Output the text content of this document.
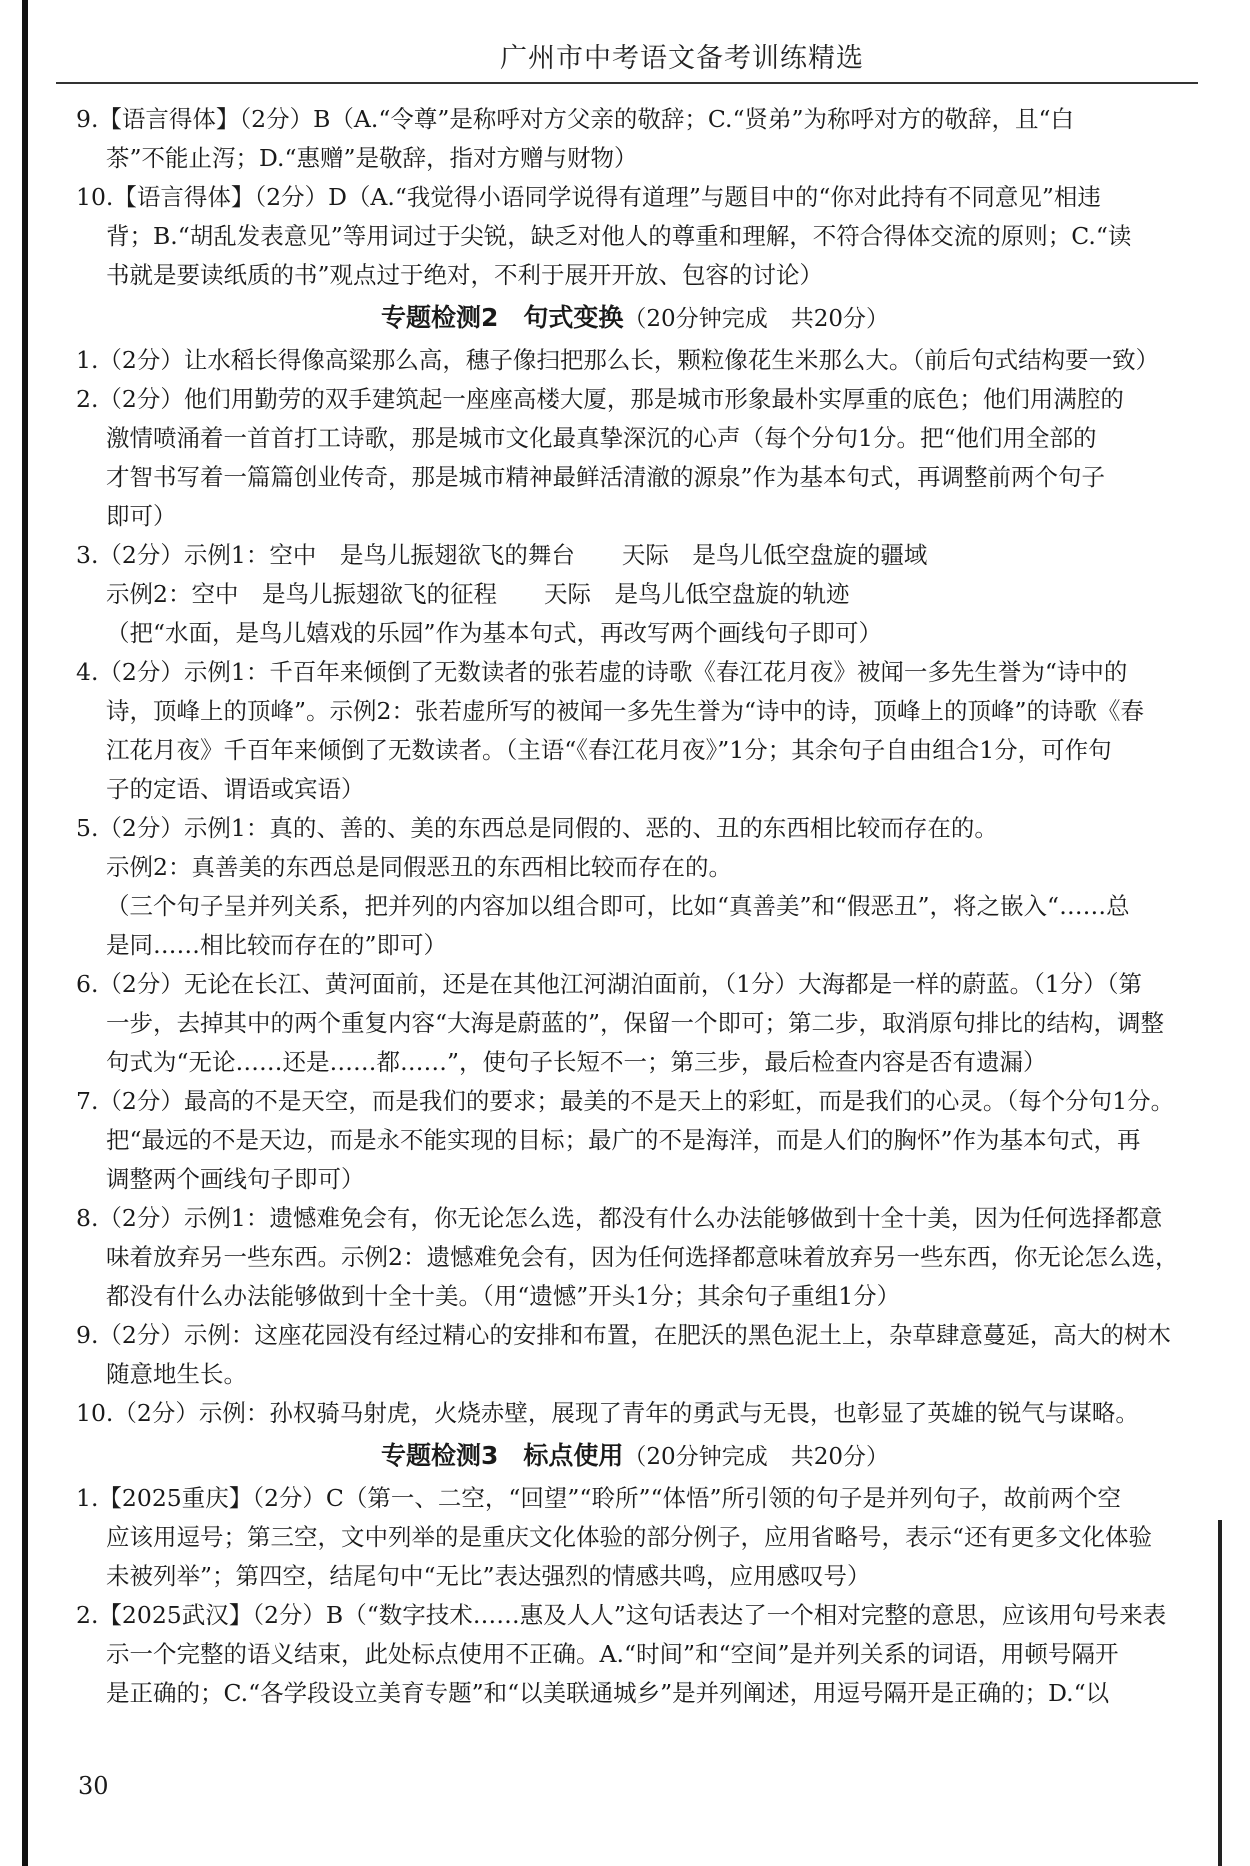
广州市中考语文备考训练精选
9.【语言得体】（2分）B（A.“令尊”是称呼对方父亲的敬辞；C.“贤弟”为称呼对方的敬辞，且“白
茶”不能止泻；D.“惠赠”是敬辞，指对方赠与财物）
10.【语言得体】（2分）D（A.“我觉得小语同学说得有道理”与题目中的“你对此持有不同意见”相违
背；B.“胡乱发表意见”等用词过于尖锐，缺乏对他人的尊重和理解，不符合得体交流的原则；C.“读
书就是要读纸质的书”观点过于绝对，不利于展开开放、包容的讨论）
专题检测2　句式变换（20分钟完成　共20分）
1.（2分）让水稻长得像高粱那么高，穗子像扫把那么长，颗粒像花生米那么大。（前后句式结构要一致）
2.（2分）他们用勤劳的双手建筑起一座座高楼大厦，那是城市形象最朴实厚重的底色；他们用满腔的
激情喷涌着一首首打工诗歌，那是城市文化最真挚深沉的心声（每个分句1分。把“他们用全部的
才智书写着一篇篇创业传奇，那是城市精神最鲜活清澈的源泉”作为基本句式，再调整前两个句子
即可）
3.（2分）示例1：空中　是鸟儿振翅欲飞的舞台　　天际　是鸟儿低空盘旋的疆域
示例2：空中　是鸟儿振翅欲飞的征程　　天际　是鸟儿低空盘旋的轨迹
（把“水面，是鸟儿嬉戏的乐园”作为基本句式，再改写两个画线句子即可）
4.（2分）示例1：千百年来倾倒了无数读者的张若虚的诗歌《春江花月夜》被闻一多先生誉为“诗中的
诗，顶峰上的顶峰”。示例2：张若虚所写的被闻一多先生誉为“诗中的诗，顶峰上的顶峰”的诗歌《春
江花月夜》千百年来倾倒了无数读者。（主语“《春江花月夜》”1分；其余句子自由组合1分，可作句
子的定语、谓语或宾语）
5.（2分）示例1：真的、善的、美的东西总是同假的、恶的、丑的东西相比较而存在的。
示例2：真善美的东西总是同假恶丑的东西相比较而存在的。
（三个句子呈并列关系，把并列的内容加以组合即可，比如“真善美”和“假恶丑”，将之嵌入“……总
是同……相比较而存在的”即可）
6.（2分）无论在长江、黄河面前，还是在其他江河湖泊面前，（1分）大海都是一样的蔚蓝。（1分）（第
一步，去掉其中的两个重复内容“大海是蔚蓝的”，保留一个即可；第二步，取消原句排比的结构，调整
句式为“无论……还是……都……”，使句子长短不一；第三步，最后检查内容是否有遗漏）
7.（2分）最高的不是天空，而是我们的要求；最美的不是天上的彩虹，而是我们的心灵。（每个分句1分。
把“最远的不是天边，而是永不能实现的目标；最广的不是海洋，而是人们的胸怀”作为基本句式，再
调整两个画线句子即可）
8.（2分）示例1：遗憾难免会有，你无论怎么选，都没有什么办法能够做到十全十美，因为任何选择都意
味着放弃另一些东西。示例2：遗憾难免会有，因为任何选择都意味着放弃另一些东西，你无论怎么选，
都没有什么办法能够做到十全十美。（用“遗憾”开头1分；其余句子重组1分）
9.（2分）示例：这座花园没有经过精心的安排和布置，在肥沃的黑色泥土上，杂草肆意蔓延，高大的树木
随意地生长。
10.（2分）示例：孙权骑马射虎，火烧赤壁，展现了青年的勇武与无畏，也彰显了英雄的锐气与谋略。
专题检测3　标点使用（20分钟完成　共20分）
1.【2025重庆】（2分）C（第一、二空，“回望”“聆所”“体悟”所引领的句子是并列句子，故前两个空
应该用逗号；第三空，文中列举的是重庆文化体验的部分例子，应用省略号，表示“还有更多文化体验
未被列举”；第四空，结尾句中“无比”表达强烈的情感共鸣，应用感叹号）
2.【2025武汉】（2分）B（“数字技术……惠及人人”这句话表达了一个相对完整的意思，应该用句号来表
示一个完整的语义结束，此处标点使用不正确。A.“时间”和“空间”是并列关系的词语，用顿号隔开
是正确的；C.“各学段设立美育专题”和“以美联通城乡”是并列阐述，用逗号隔开是正确的；D.“以
30
